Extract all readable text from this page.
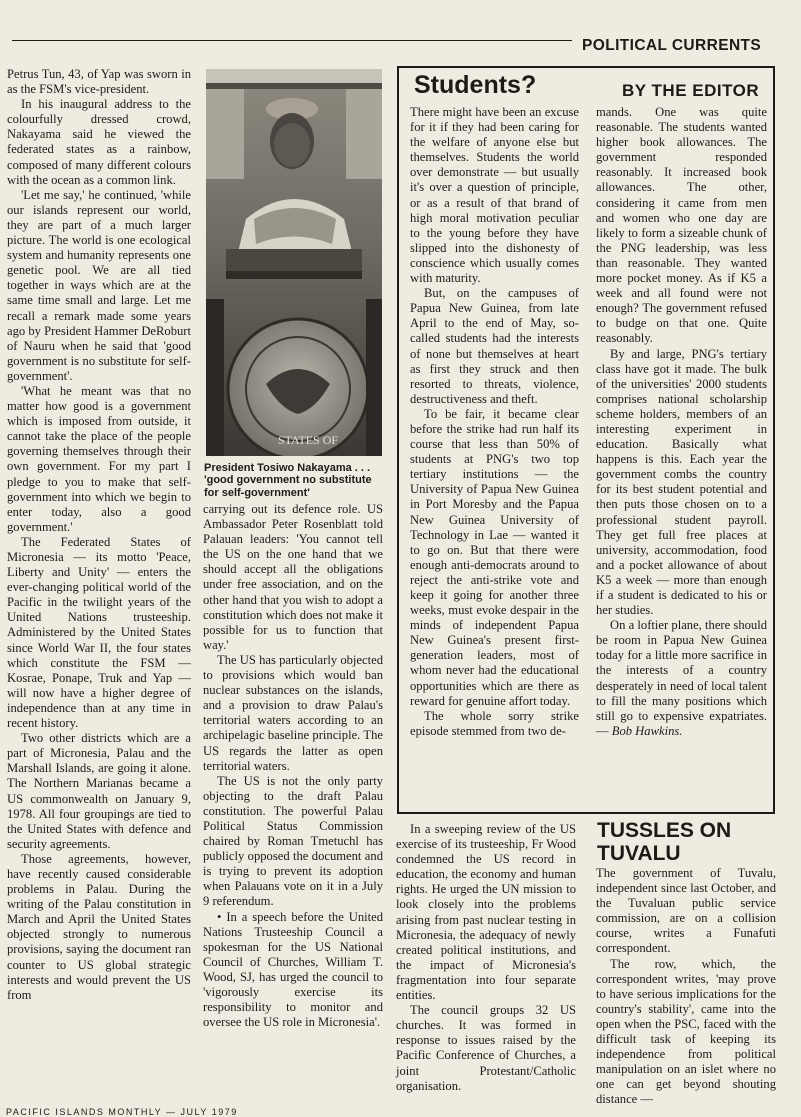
POLITICAL CURRENTS

Petrus Tun, 43, of Yap was sworn in as the FSM's vice-president.

In his inaugural address to the colourfully dressed crowd, Nakayama said he viewed the federated states as a rainbow, composed of many different colours with the ocean as a common link.

'Let me say,' he continued, 'while our islands represent our world, they are part of a much larger picture. The world is one ecological system and humanity represents one genetic pool. We are all tied together in ways which are at the same time small and large. Let me recall a remark made some years ago by President Hammer DeRoburt of Nauru when he said that 'good government is no substitute for self-government'.

'What he meant was that no matter how good is a government which is imposed from outside, it cannot take the place of the people governing themselves through their own government. For my part I pledge to you to make that self-government into which we begin to enter today, also a good government.'

The Federated States of Micronesia — its motto 'Peace, Liberty and Unity' — enters the ever-changing political world of the Pacific in the twilight years of the United Nations trusteeship. Administered by the United States since World War II, the four states which constitute the FSM — Kosrae, Ponape, Truk and Yap — will now have a higher degree of independence than at any time in recent history.

Two other districts which are a part of Micronesia, Palau and the Marshall Islands, are going it alone. The Northern Marianas became a US commonwealth on January 9, 1978. All four groupings are tied to the United States with defence and security agreements.

Those agreements, however, have recently caused considerable problems in Palau. During the writing of the Palau constitution in March and April the United States objected strongly to numerous provisions, saying the document ran counter to US global strategic interests and would prevent the US from

STATES OF
President Tosiwo Nakayama . . . 'good government no substitute for self-government'

carrying out its defence role. US Ambassador Peter Rosenblatt told Palauan leaders: 'You cannot tell the US on the one hand that we should accept all the obligations under free association, and on the other hand that you wish to adopt a constitution which does not make it possible for us to function that way.'

The US has particularly objected to provisions which would ban nuclear substances on the islands, and a provision to draw Palau's territorial waters according to an archipelagic baseline principle. The US regards the latter as open territorial waters.

The US is not the only party objecting to the draft Palau constitution. The powerful Palau Political Status Commission chaired by Roman Tmetuchl has publicly opposed the document and is trying to prevent its adoption when Palauans vote on it in a July 9 referendum.

• In a speech before the United Nations Trusteeship Council a spokesman for the US National Council of Churches, William T. Wood, SJ, has urged the council to 'vigorously exercise its responsibility to monitor and oversee the US role in Micronesia'.

Students?	BY THE EDITOR

There might have been an excuse for it if they had been caring for the welfare of anyone else but themselves. Students the world over demonstrate — but usually it's over a question of principle, or as a result of that brand of high moral motivation peculiar to the young before they have slipped into the dishonesty of conscience which usually comes with maturity.

But, on the campuses of Papua New Guinea, from late April to the end of May, so-called students had the interests of none but themselves at heart as first they struck and then resorted to threats, violence, destructiveness and theft.

To be fair, it became clear before the strike had run half its course that less than 50% of students at PNG's two top tertiary institutions — the University of Papua New Guinea in Port Moresby and the Papua New Guinea University of Technology in Lae — wanted it to go on. But that there were enough anti-democrats around to reject the anti-strike vote and keep it going for another three weeks, must evoke despair in the minds of independent Papua New Guinea's present first-generation leaders, most of whom never had the educational opportunities which are there as reward for genuine affort today.

The whole sorry strike episode stemmed from two de-

mands. One was quite reasonable. The students wanted higher book allowances. The government responded reasonably. It increased book allowances. The other, considering it came from men and women who one day are likely to form a sizeable chunk of the PNG leadership, was less than reasonable. They wanted more pocket money. As if K5 a week and all found were not enough? The government refused to budge on that one. Quite reasonably.

By and large, PNG's tertiary class have got it made. The bulk of the universities' 2000 students comprises national scholarship scheme holders, members of an interesting experiment in education. Basically what happens is this. Each year the government combs the country for its best student potential and then puts those chosen on to a professional student payroll. They get full free places at university, accommodation, food and a pocket allowance of about K5 a week — more than enough if a student is dedicated to his or her studies.

On a loftier plane, there should be room in Papua New Guinea today for a little more sacrifice in the interests of a country desperately in need of local talent to fill the many positions which still go to expensive expatriates. — Bob Hawkins.

In a sweeping review of the US exercise of its trusteeship, Fr Wood condemned the US record in education, the economy and human rights. He urged the UN mission to look closely into the problems arising from past nuclear testing in Micronesia, the adequacy of newly created political institutions, and the impact of Micronesia's fragmentation into four separate entities.

The council groups 32 US churches. It was formed in response to issues raised by the Pacific Conference of Churches, a joint Protestant/Catholic organisation.

TUSSLES ON TUVALU

The government of Tuvalu, independent since last October, and the Tuvaluan public service commission, are on a collision course, writes a Funafuti correspondent.

The row, which, the correspondent writes, 'may prove to have serious implications for the country's stability', came into the open when the PSC, faced with the difficult task of keeping its independence from political manipulation on an islet where no one can get beyond shouting distance —

PACIFIC ISLANDS MONTHLY — JULY 1979
